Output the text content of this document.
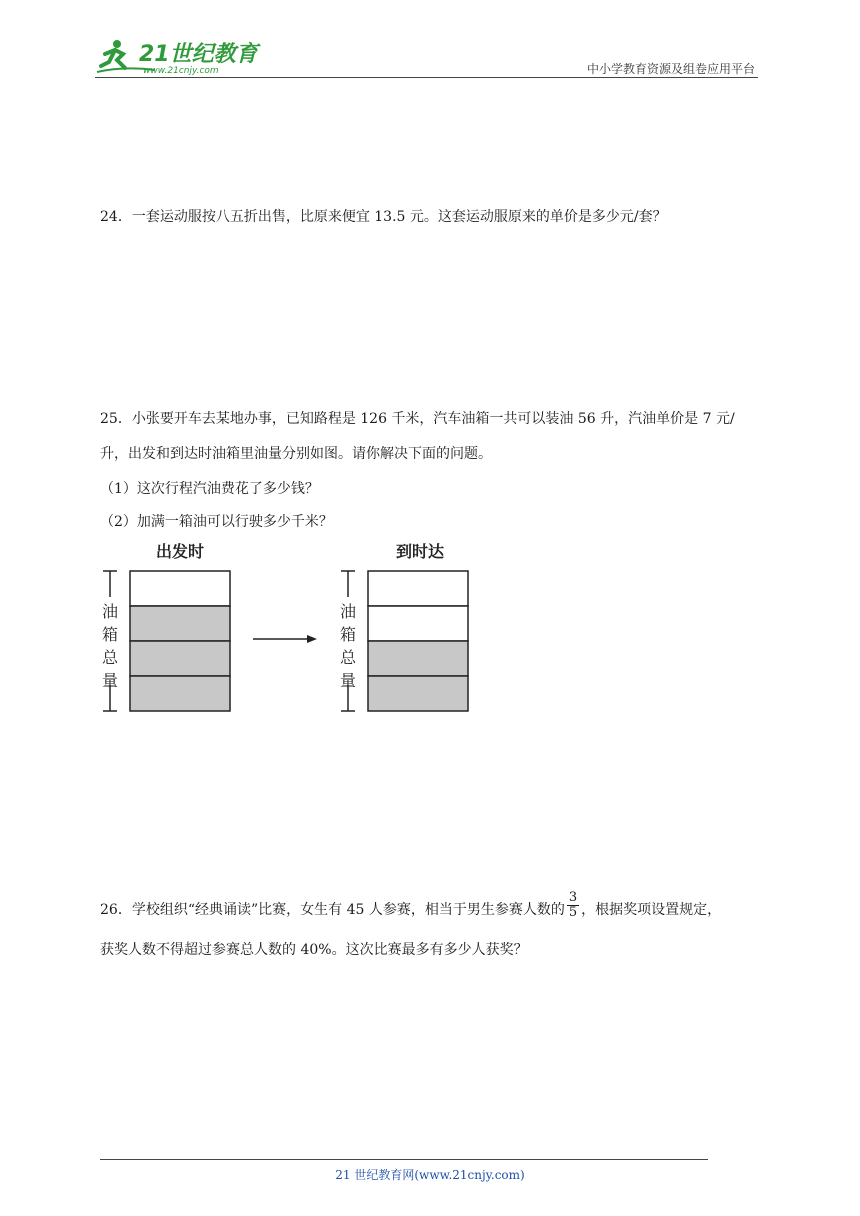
21世纪教育
www.21cnjy.com	中小学教育资源及组卷应用平台
24．一套运动服按八五折出售，比原来便宜 13.5 元。这套运动服原来的单价是多少元/套？
25．小张要开车去某地办事，已知路程是 126 千米，汽车油箱一共可以装油 56 升，汽油单价是 7 元/
升，出发和到达时油箱里油量分别如图。请你解决下面的问题。
（1）这次行程汽油费花了多少钱？
（2）加满一箱油可以行驶多少千米？
出发时	到时达
油
箱
总
量
油
箱
总
量
26．学校组织“经典诵读”比赛，女生有 45 人参赛，相当于男生参赛人数的 $\frac{3}{5}$ ，根据奖项设置规定，
获奖人数不得超过参赛总人数的 40%。这次比赛最多有多少人获奖？
21 世纪教育网(www.21cnjy.com)
